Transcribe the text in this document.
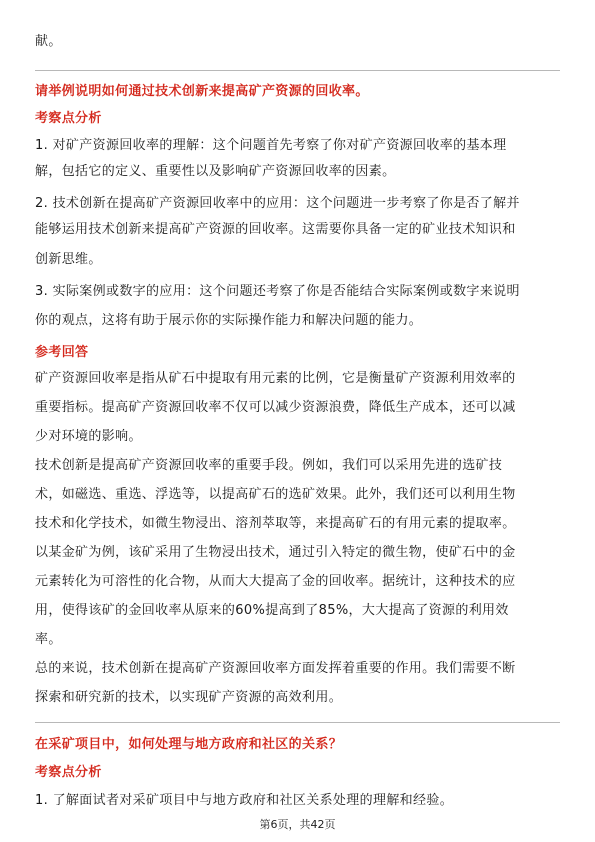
献。
请举例说明如何通过技术创新来提高矿产资源的回收率。
考察点分析
1. 对矿产资源回收率的理解：这个问题首先考察了你对矿产资源回收率的基本理
解，包括它的定义、重要性以及影响矿产资源回收率的因素。
2. 技术创新在提高矿产资源回收率中的应用：这个问题进一步考察了你是否了解并
能够运用技术创新来提高矿产资源的回收率。这需要你具备一定的矿业技术知识和
创新思维。
3. 实际案例或数字的应用：这个问题还考察了你是否能结合实际案例或数字来说明
你的观点，这将有助于展示你的实际操作能力和解决问题的能力。
参考回答
矿产资源回收率是指从矿石中提取有用元素的比例，它是衡量矿产资源利用效率的
重要指标。提高矿产资源回收率不仅可以减少资源浪费，降低生产成本，还可以减
少对环境的影响。
技术创新是提高矿产资源回收率的重要手段。例如，我们可以采用先进的选矿技
术，如磁选、重选、浮选等，以提高矿石的选矿效果。此外，我们还可以利用生物
技术和化学技术，如微生物浸出、溶剂萃取等，来提高矿石的有用元素的提取率。
以某金矿为例，该矿采用了生物浸出技术，通过引入特定的微生物，使矿石中的金
元素转化为可溶性的化合物，从而大大提高了金的回收率。据统计，这种技术的应
用，使得该矿的金回收率从原来的60%提高到了85%，大大提高了资源的利用效
率。
总的来说，技术创新在提高矿产资源回收率方面发挥着重要的作用。我们需要不断
探索和研究新的技术，以实现矿产资源的高效利用。
在采矿项目中，如何处理与地方政府和社区的关系？
考察点分析
1. 了解面试者对采矿项目中与地方政府和社区关系处理的理解和经验。
第6页，共42页
